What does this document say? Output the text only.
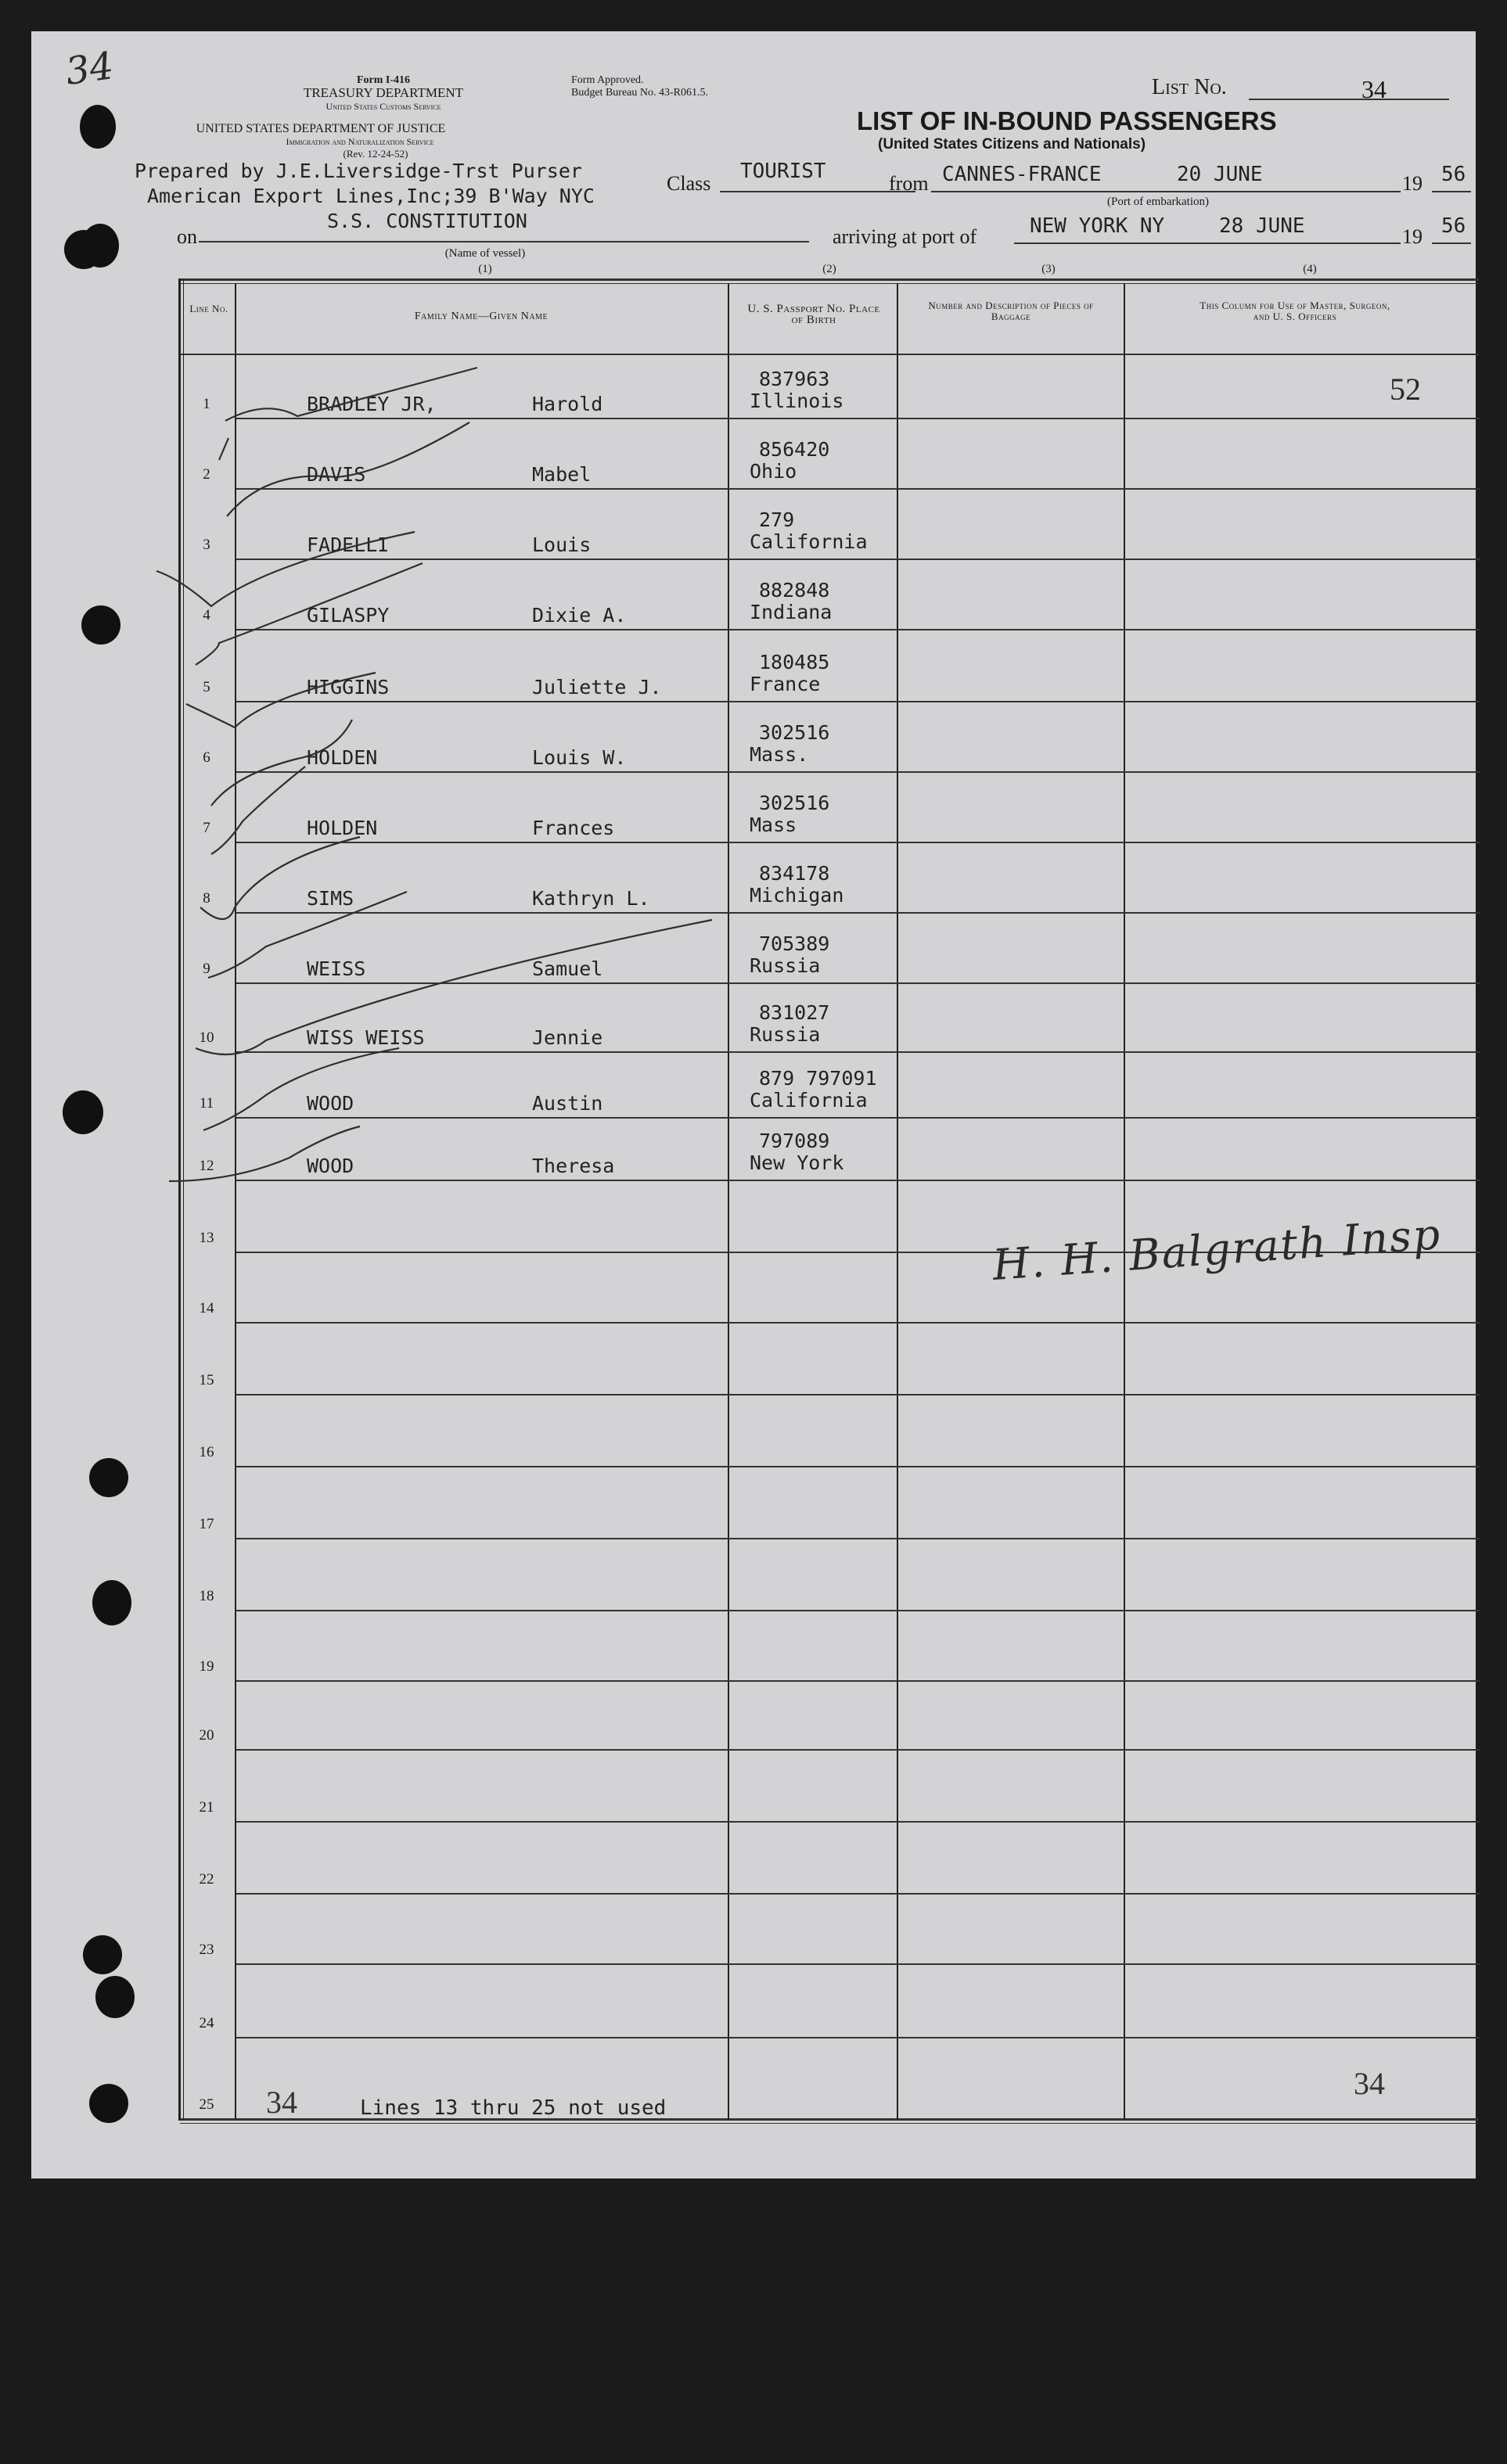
34	Form I-416
TREASURY DEPARTMENT
United States Customs Service
UNITED STATES DEPARTMENT OF JUSTICE
Immigration and Naturalization Service
(Rev. 12-24-52)
Form Approved.
Budget Bureau No. 43-R061.5.	List No.	34
LIST OF IN-BOUND PASSENGERS
(United States Citizens and Nationals)
Prepared by J.E.Liversidge-Trst Purser
American Export Lines,Inc;39 B'Way NYC
S.S. CONSTITUTION
on
(Name of vessel)
(1)
Class
TOURIST
from CANNES-FRANCE	20 JUNE	19 56
(Port of embarkation)
arriving at port of	NEW YORK NY	28 JUNE	19 56
(2)	(3)	(4)
Line No.
Family Name—Given Name
U. S. Passport No. Place of Birth
Number and Description of Pieces of Baggage
This Column for Use of Master, Surgeon, and U. S. Officers
1	BRADLEY JR,	Harold
837963
Illinois
2	DAVIS	Mabel
856420
Ohio
3	FADELLI	Louis
279
California
4	GILASPY	Dixie A.
882848
Indiana
5	HIGGINS	Juliette J.
180485
France
6	HOLDEN	Louis W.
302516
Mass.
7	HOLDEN	Frances
302516
Mass
8	SIMS	Kathryn L.
834178
Michigan
9	WEISS	Samuel
705389
Russia
10	WISS WEISS	Jennie
831027
Russia
11	WOOD	Austin
879 797091
California
12	WOOD	Theresa
797089
New York
13
14
15
16
17
18
19
20
21
22
23
24
25
52
H. H. Balgrath Insp
34	Lines 13 thru 25 not used
34
